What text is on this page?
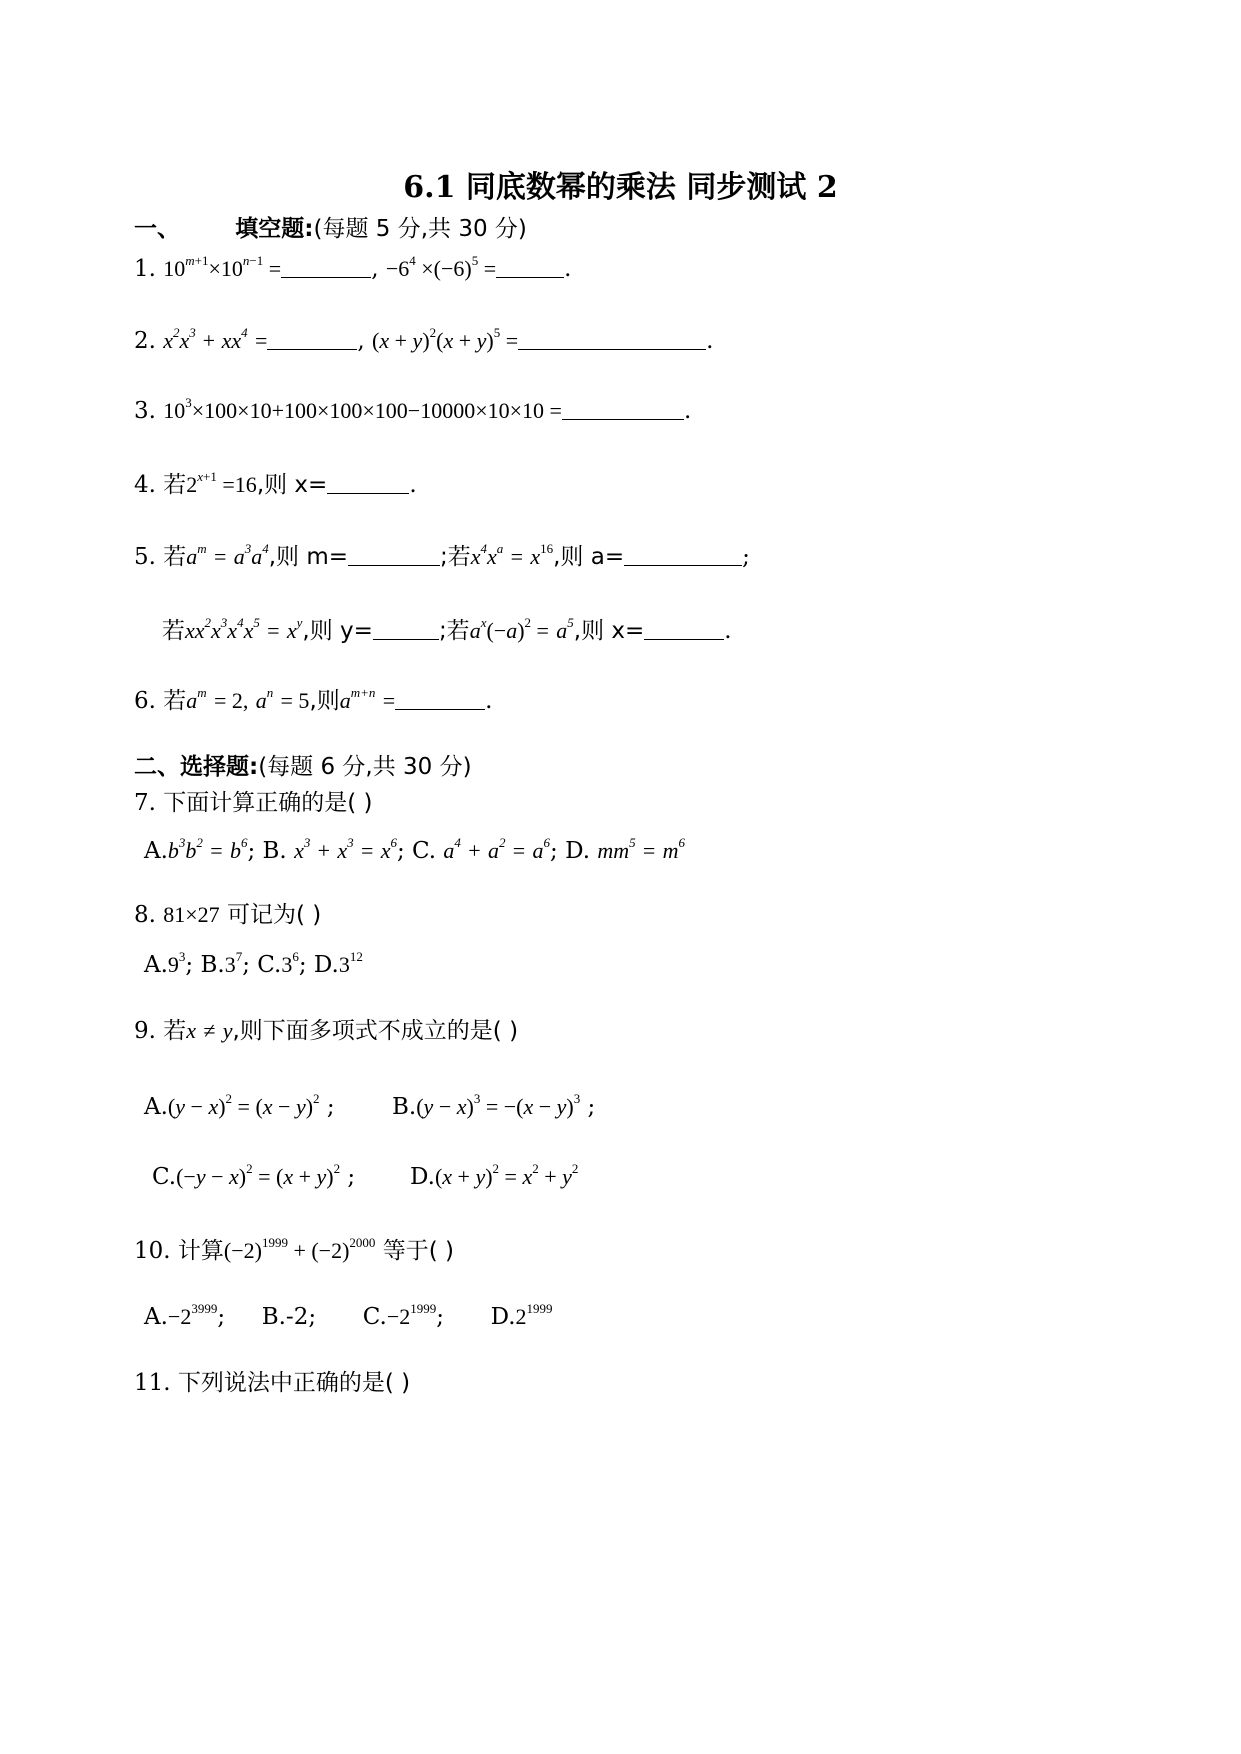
6.1 同底数幂的乘法 同步测试 2
一、 填空题:(每题 5 分,共 30 分)
1. $10^{m+1}\times 10^{n-1}$ =	, $-6^4 \times(-6)^5$ =	.
2. $x^2x^3 + xx^4$ =	, $(x + y)^2(x + y)^5$ =	.
3. $10^3\times 100\times 10+100\times 100\times 100-10000\times 10\times 10$ =	.
4. 若$2^{x+1} =16$,则 x=	.
5. 若$a^m = a^3a^4$,则 m=	;若$x^4x^a = x^{16}$,则 a=	;
若$xx^2x^3x^4x^5 = x^y$,则 y=	;若$a^x(-a)^2 = a^5$,则 x=	.
6. 若$a^m = 2$, $a^n = 5$,则$a^{m+n}$ =	.
二、选择题:(每题 6 分,共 30 分)
7. 下面计算正确的是( )
$A.b^3b^2 = b^6$; B. $x^3 + x^3 = x^6$; C. $a^4 + a^2 = a^6$; D. $mm^5 = m^6$
8. 81×27 可记为( )
$A.9^3$; $B.3^7$; $C.3^6$; $D.3^{12}$
9. 若x ≠ y,则下面多项式不成立的是( )
$A.(y - x)^2 = (x - y)^2$ ; $B.(y - x)^3 = -(x - y)^3$ ;
$C.(-y - x)^2 = (x + y)^2$ ; $D.(x + y)^2 = x^2 + y^2$
10. 计算$(-2)^{1999} + (-2)^{2000}$ 等于( )
$A.-2^{3999}$; B.-2; $C.-2^{1999}$; $D.2^{1999}$
11. 下列说法中正确的是( )
